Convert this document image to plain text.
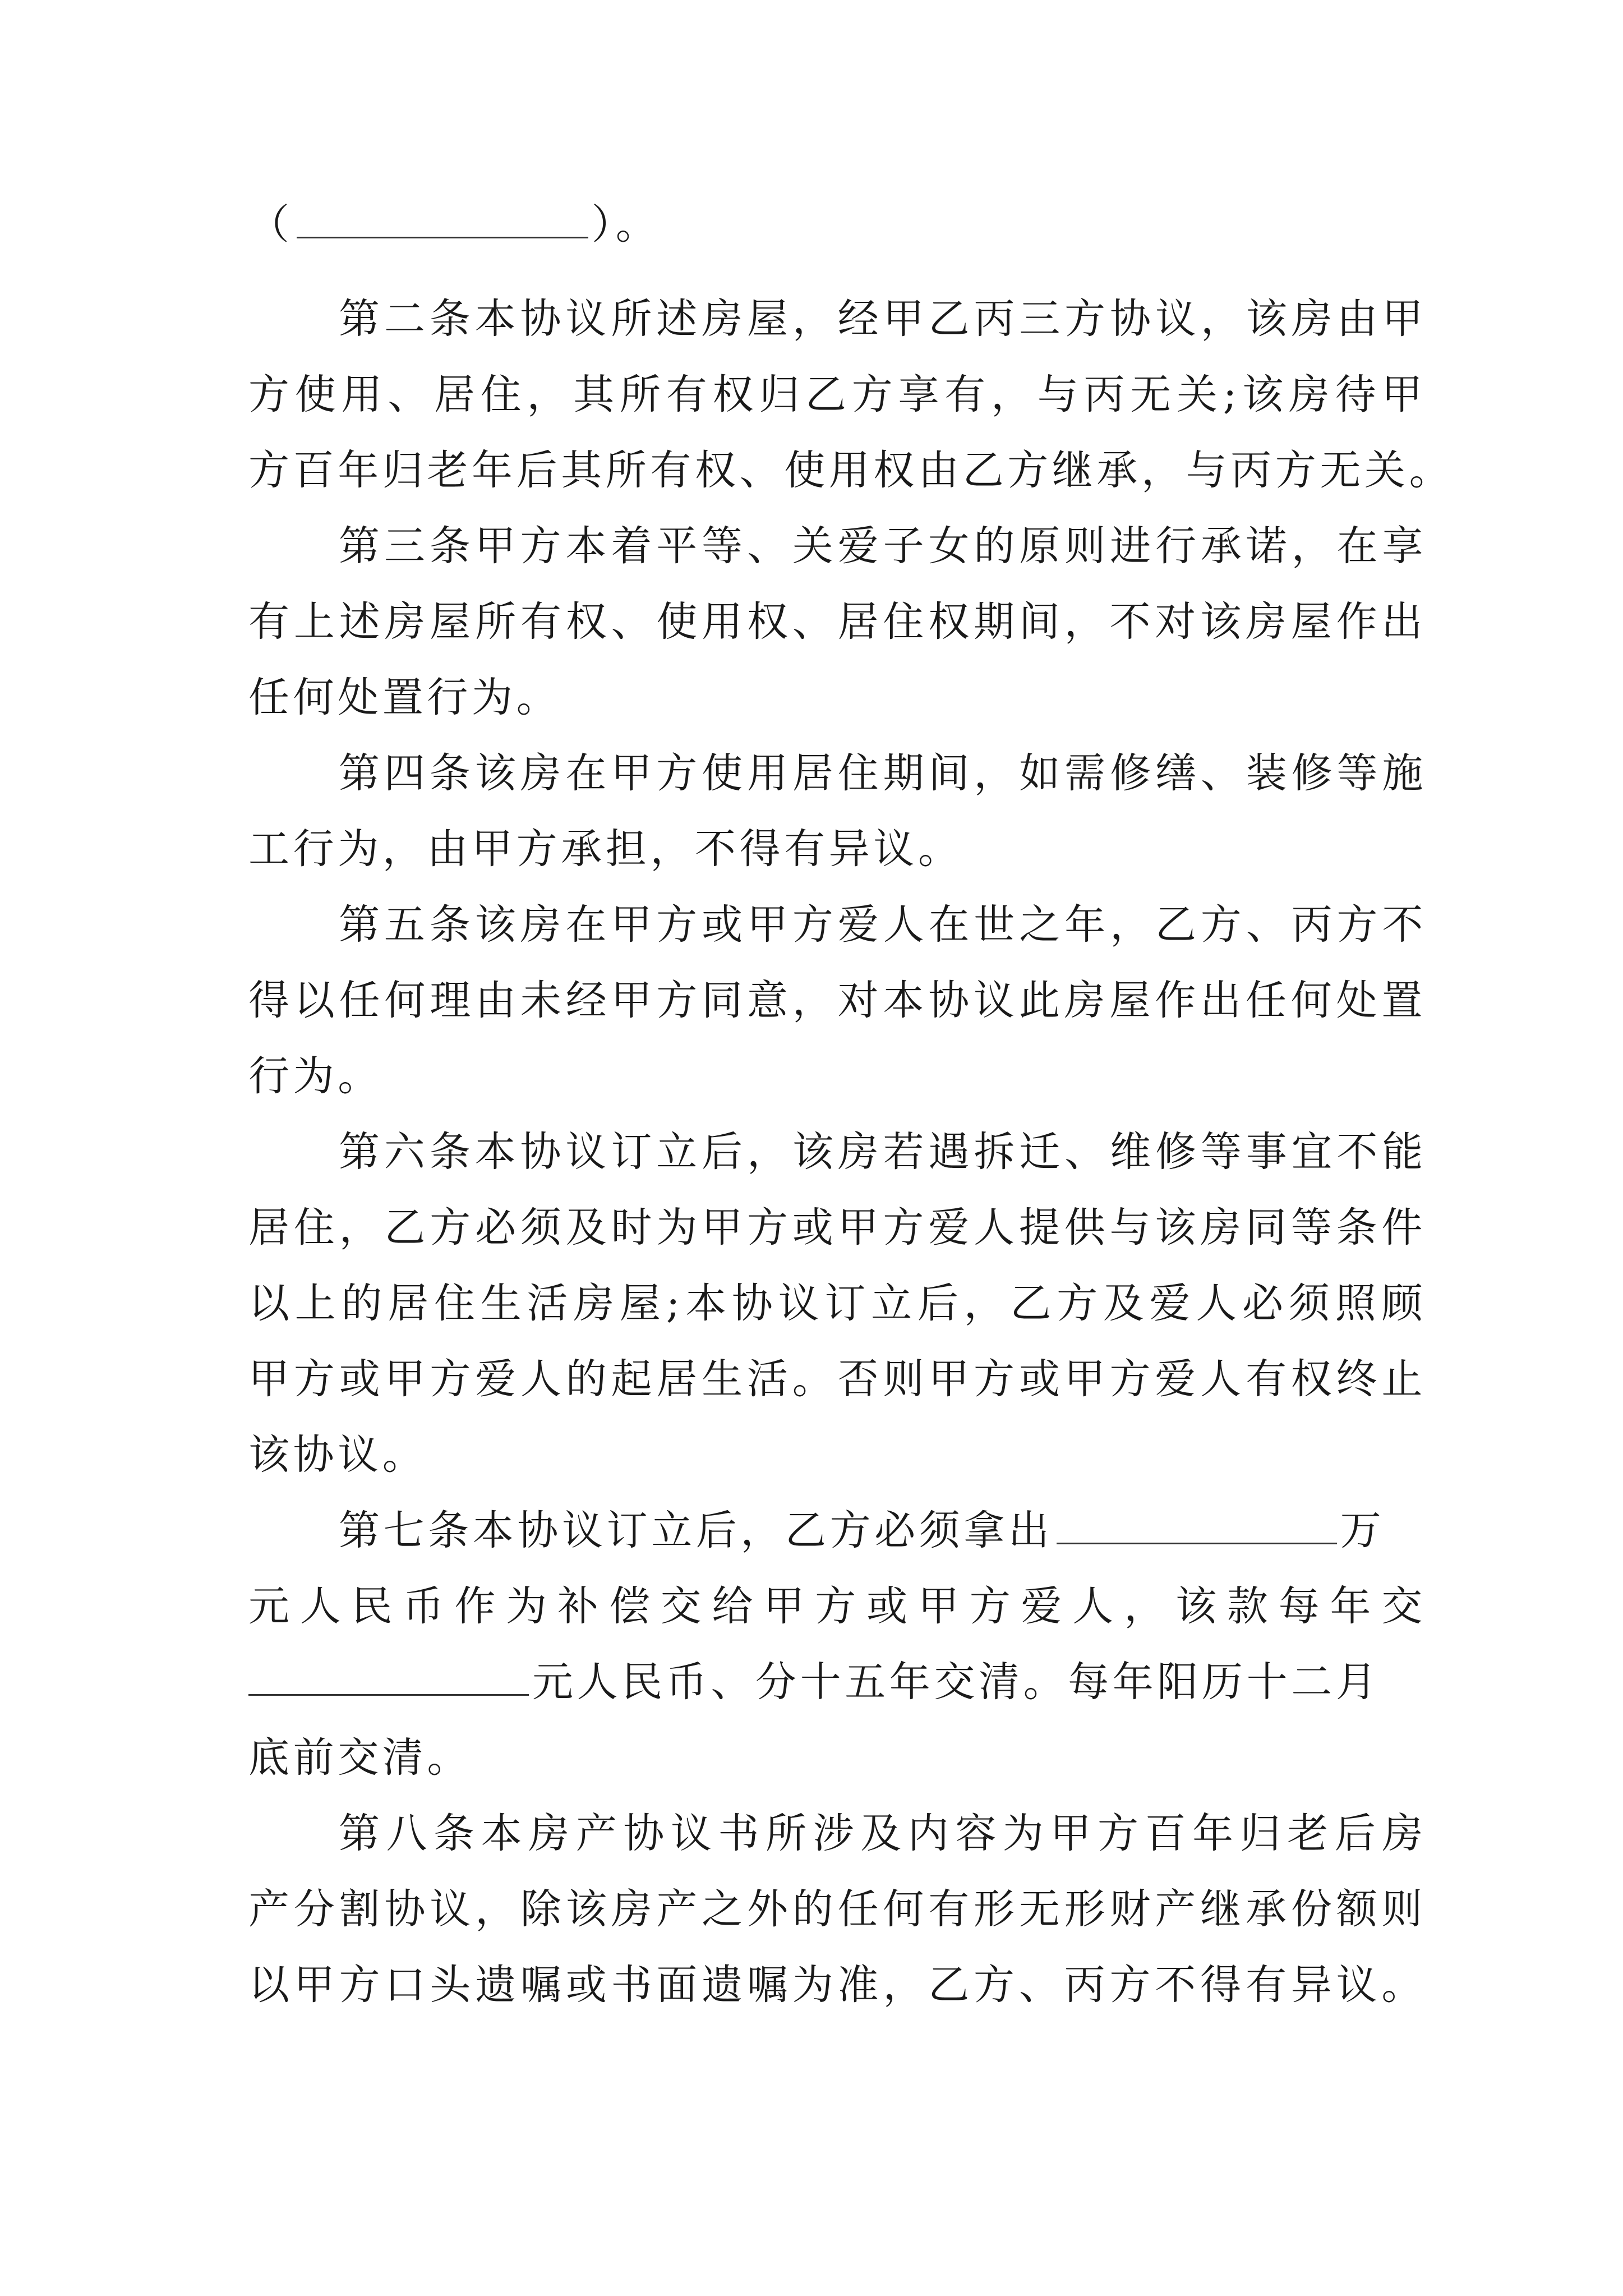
（	）。
第二条本协议所述房屋，经甲乙丙三方协议，该房由甲
方使用、居住，其所有权归乙方享有，与丙无关;该房待甲
方百年归老年后其所有权、使用权由乙方继承，与丙方无关。
第三条甲方本着平等、关爱子女的原则进行承诺，在享
有上述房屋所有权、使用权、居住权期间，不对该房屋作出
任何处置行为。
第四条该房在甲方使用居住期间，如需修缮、装修等施
工行为，由甲方承担，不得有异议。
第五条该房在甲方或甲方爱人在世之年，乙方、丙方不
得以任何理由未经甲方同意，对本协议此房屋作出任何处置
行为。
第六条本协议订立后，该房若遇拆迁、维修等事宜不能
居住，乙方必须及时为甲方或甲方爱人提供与该房同等条件
以上的居住生活房屋;本协议订立后，乙方及爱人必须照顾
甲方或甲方爱人的起居生活。否则甲方或甲方爱人有权终止
该协议。
第七条本协议订立后，乙方必须拿出	万
元人民币作为补偿交给甲方或甲方爱人，该款每年交
元人民币、分十五年交清。每年阳历十二月
底前交清。
第八条本房产协议书所涉及内容为甲方百年归老后房
产分割协议，除该房产之外的任何有形无形财产继承份额则
以甲方口头遗嘱或书面遗嘱为准，乙方、丙方不得有异议。
